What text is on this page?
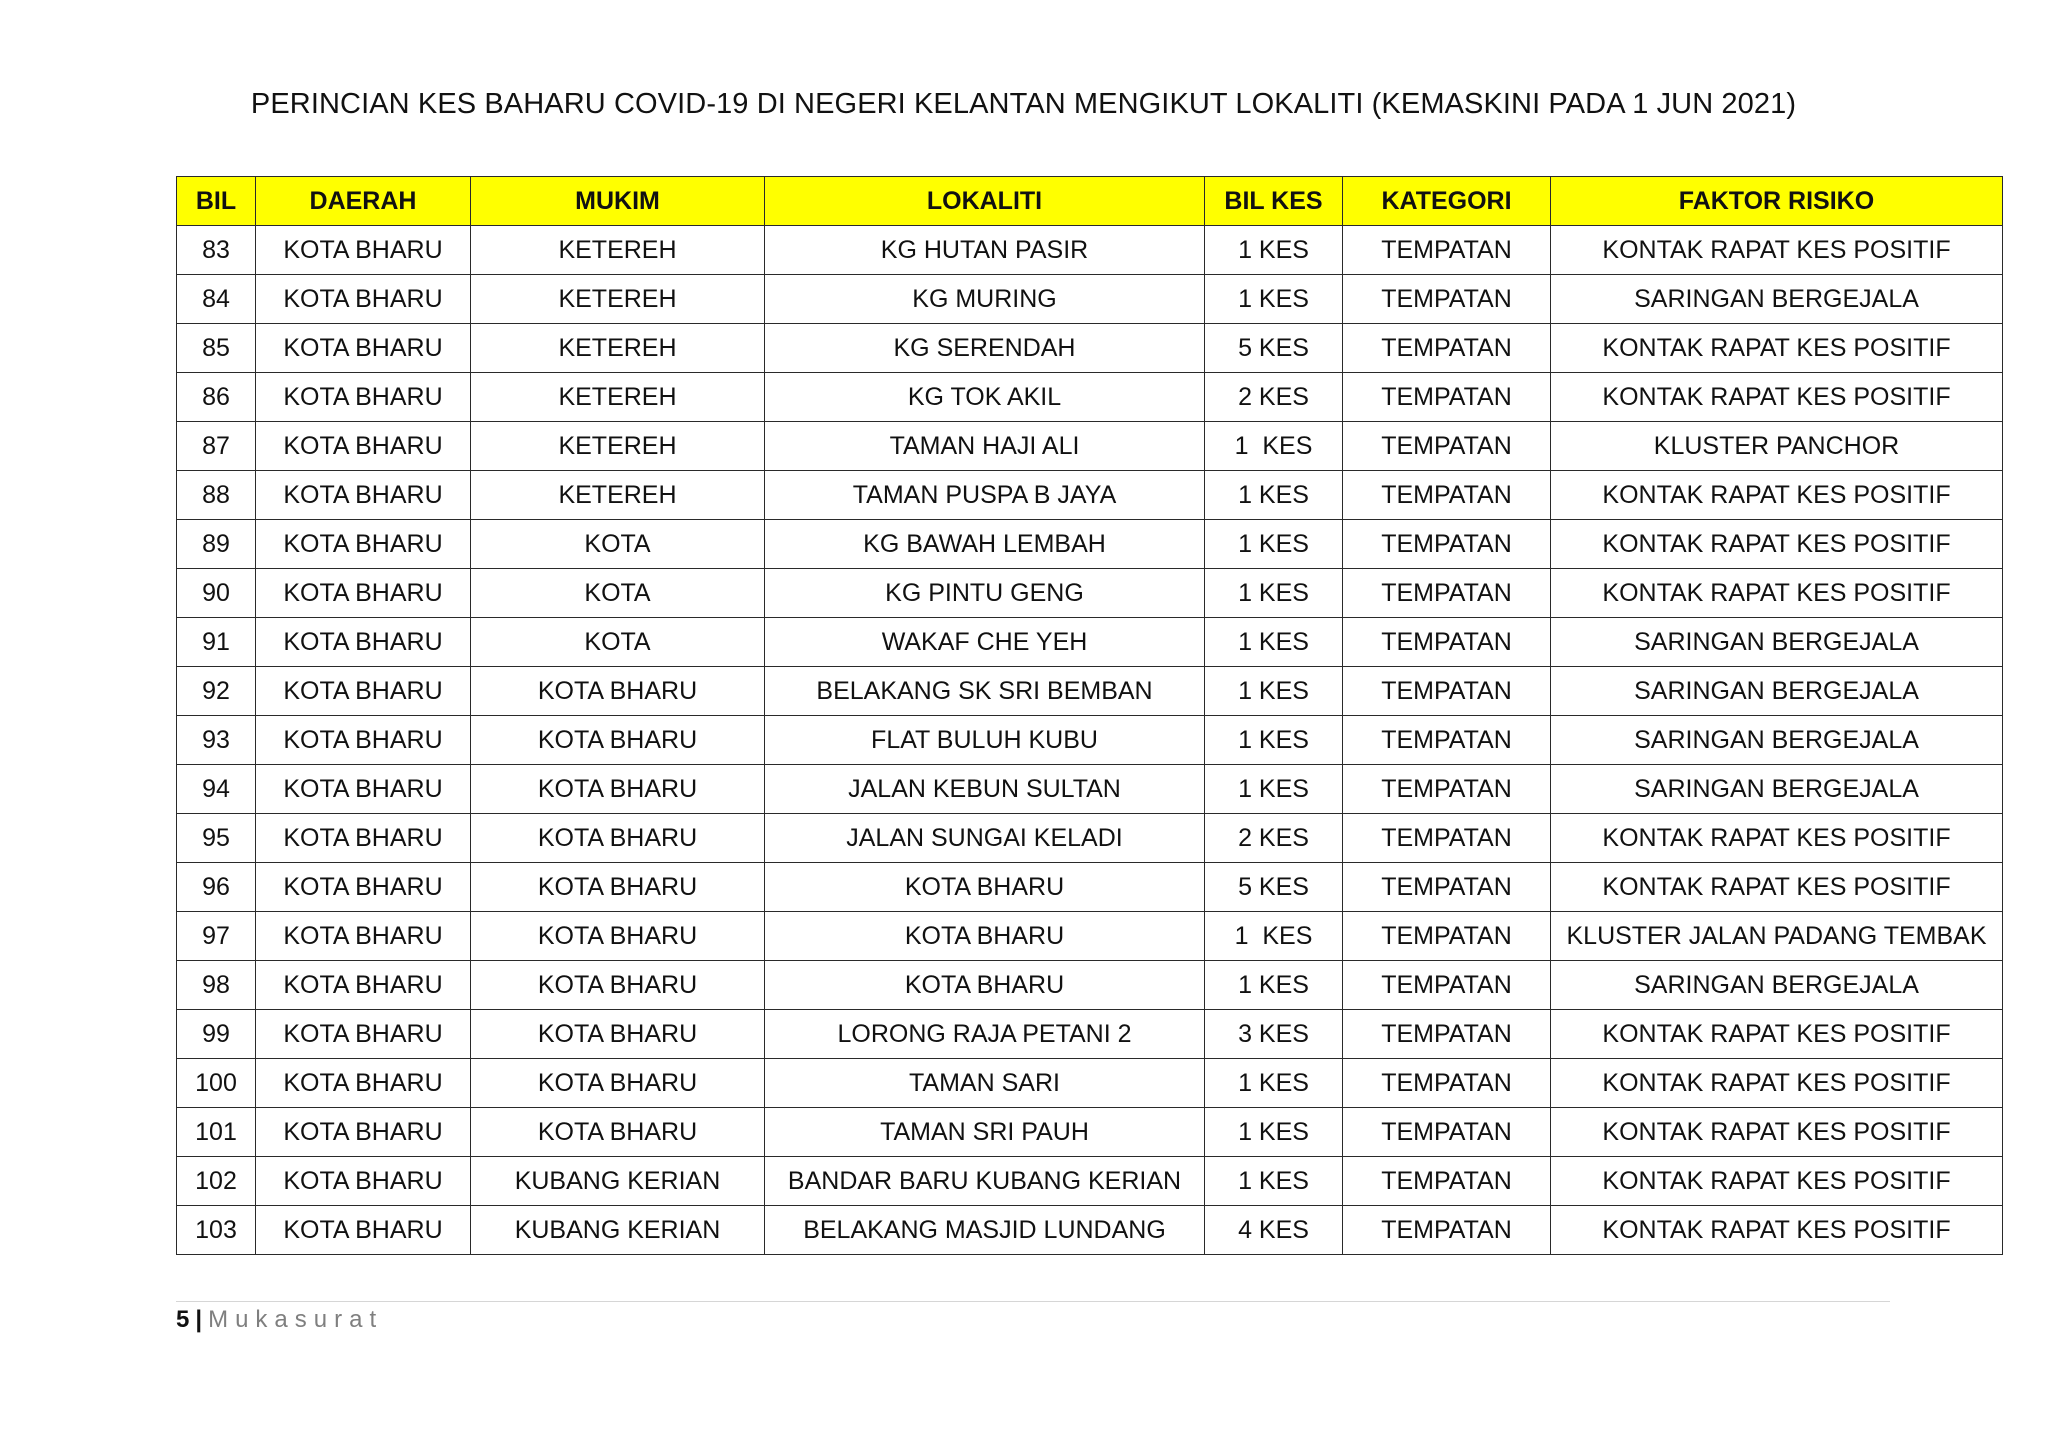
PERINCIAN KES BAHARU COVID-19 DI NEGERI KELANTAN MENGIKUT LOKALITI (KEMASKINI PADA 1 JUN 2021)
BIL	DAERAH	MUKIM	LOKALITI	BIL KES	KATEGORI	FAKTOR RISIKO
83	KOTA BHARU	KETEREH	KG HUTAN PASIR	1 KES	TEMPATAN	KONTAK RAPAT KES POSITIF
84	KOTA BHARU	KETEREH	KG MURING	1 KES	TEMPATAN	SARINGAN BERGEJALA
85	KOTA BHARU	KETEREH	KG SERENDAH	5 KES	TEMPATAN	KONTAK RAPAT KES POSITIF
86	KOTA BHARU	KETEREH	KG TOK AKIL	2 KES	TEMPATAN	KONTAK RAPAT KES POSITIF
87	KOTA BHARU	KETEREH	TAMAN HAJI ALI	1  KES	TEMPATAN	KLUSTER PANCHOR
88	KOTA BHARU	KETEREH	TAMAN PUSPA B JAYA	1 KES	TEMPATAN	KONTAK RAPAT KES POSITIF
89	KOTA BHARU	KOTA	KG BAWAH LEMBAH	1 KES	TEMPATAN	KONTAK RAPAT KES POSITIF
90	KOTA BHARU	KOTA	KG PINTU GENG	1 KES	TEMPATAN	KONTAK RAPAT KES POSITIF
91	KOTA BHARU	KOTA	WAKAF CHE YEH	1 KES	TEMPATAN	SARINGAN BERGEJALA
92	KOTA BHARU	KOTA BHARU	BELAKANG SK SRI BEMBAN	1 KES	TEMPATAN	SARINGAN BERGEJALA
93	KOTA BHARU	KOTA BHARU	FLAT BULUH KUBU	1 KES	TEMPATAN	SARINGAN BERGEJALA
94	KOTA BHARU	KOTA BHARU	JALAN KEBUN SULTAN	1 KES	TEMPATAN	SARINGAN BERGEJALA
95	KOTA BHARU	KOTA BHARU	JALAN SUNGAI KELADI	2 KES	TEMPATAN	KONTAK RAPAT KES POSITIF
96	KOTA BHARU	KOTA BHARU	KOTA BHARU	5 KES	TEMPATAN	KONTAK RAPAT KES POSITIF
97	KOTA BHARU	KOTA BHARU	KOTA BHARU	1  KES	TEMPATAN	KLUSTER JALAN PADANG TEMBAK
98	KOTA BHARU	KOTA BHARU	KOTA BHARU	1 KES	TEMPATAN	SARINGAN BERGEJALA
99	KOTA BHARU	KOTA BHARU	LORONG RAJA PETANI 2	3 KES	TEMPATAN	KONTAK RAPAT KES POSITIF
100	KOTA BHARU	KOTA BHARU	TAMAN SARI	1 KES	TEMPATAN	KONTAK RAPAT KES POSITIF
101	KOTA BHARU	KOTA BHARU	TAMAN SRI PAUH	1 KES	TEMPATAN	KONTAK RAPAT KES POSITIF
102	KOTA BHARU	KUBANG KERIAN	BANDAR BARU KUBANG KERIAN	1 KES	TEMPATAN	KONTAK RAPAT KES POSITIF
103	KOTA BHARU	KUBANG KERIAN	BELAKANG MASJID LUNDANG	4 KES	TEMPATAN	KONTAK RAPAT KES POSITIF
5 | Mukasurat
